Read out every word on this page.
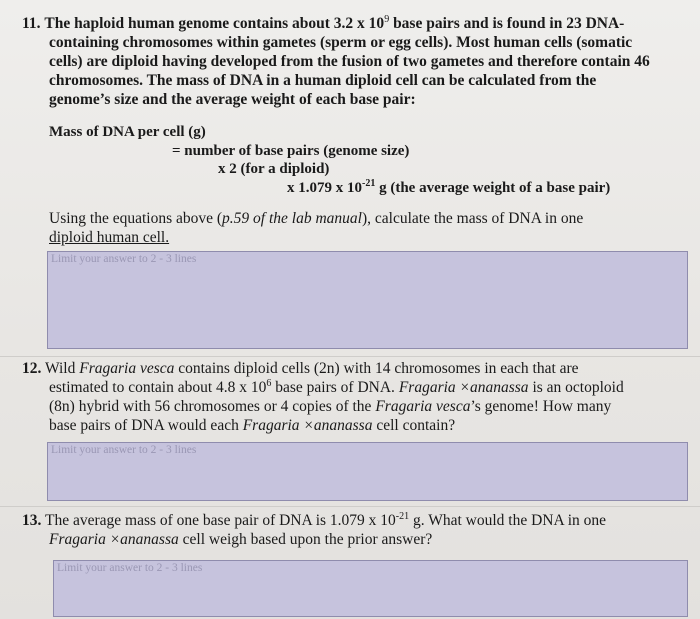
11. The haploid human genome contains about 3.2 x $10^9$ base pairs and is found in 23 DNA-
containing chromosomes within gametes (sperm or egg cells). Most human cells (somatic
cells) are diploid having developed from the fusion of two gametes and therefore contain 46
chromosomes. The mass of DNA in a human diploid cell can be calculated from the
genome’s size and the average weight of each base pair:
Mass of DNA per cell (g)
= number of base pairs (genome size)
x 2 (for a diploid)
x 1.079 x $10^{-21}$ g (the average weight of a base pair)
Using the equations above (p.59 of the lab manual), calculate the mass of DNA in one
diploid human cell.
Limit your answer to 2 - 3 lines
12. Wild Fragaria vesca contains diploid cells (2n) with 14 chromosomes in each that are
estimated to contain about 4.8 x $10^6$ base pairs of DNA. Fragaria ×ananassa is an octoploid
(8n) hybrid with 56 chromosomes or 4 copies of the Fragaria vesca’s genome! How many
base pairs of DNA would each Fragaria ×ananassa cell contain?
Limit your answer to 2 - 3 lines
13. The average mass of one base pair of DNA is 1.079 x $10^{-21}$ g. What would the DNA in one
Fragaria ×ananassa cell weigh based upon the prior answer?
Limit your answer to 2 - 3 lines
